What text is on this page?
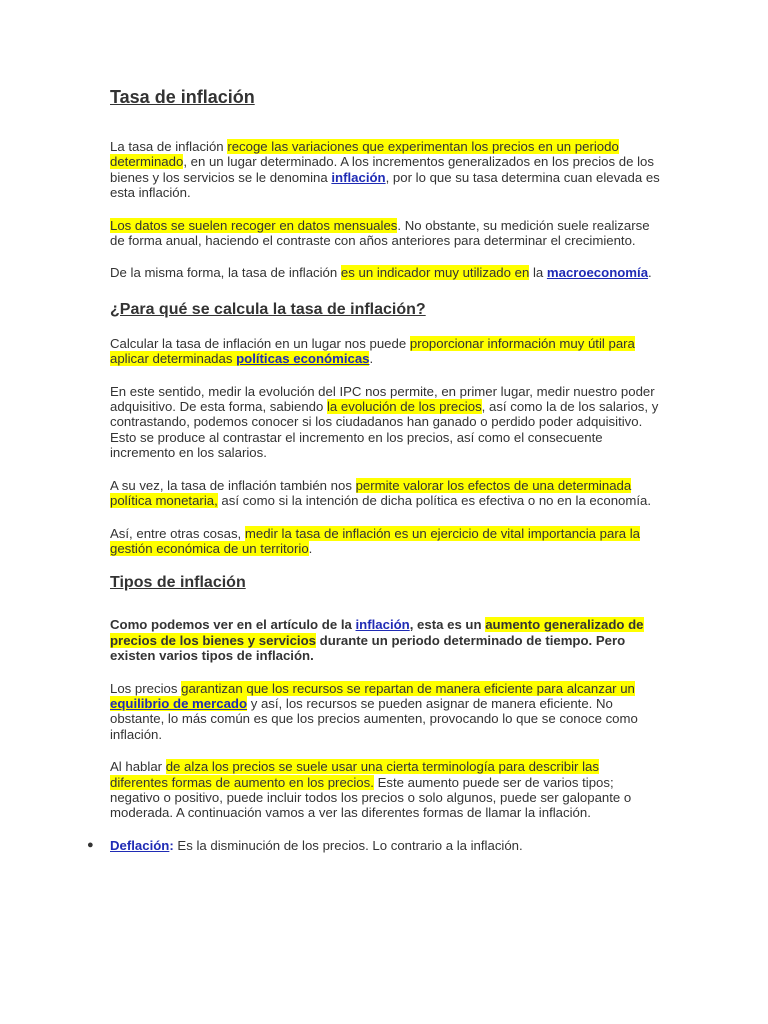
Tasa de inflación

La tasa de inflación recoge las variaciones que experimentan los precios en un periodo determinado, en un lugar determinado. A los incrementos generalizados en los precios de los bienes y los servicios se le denomina inflación, por lo que su tasa determina cuan elevada es esta inflación.

Los datos se suelen recoger en datos mensuales. No obstante, su medición suele realizarse de forma anual, haciendo el contraste con años anteriores para determinar el crecimiento.

De la misma forma, la tasa de inflación es un indicador muy utilizado en la macroeconomía.

¿Para qué se calcula la tasa de inflación?

Calcular la tasa de inflación en un lugar nos puede proporcionar información muy útil para aplicar determinadas políticas económicas.

En este sentido, medir la evolución del IPC nos permite, en primer lugar, medir nuestro poder adquisitivo. De esta forma, sabiendo la evolución de los precios, así como la de los salarios, y contrastando, podemos conocer si los ciudadanos han ganado o perdido poder adquisitivo. Esto se produce al contrastar el incremento en los precios, así como el consecuente incremento en los salarios.

A su vez, la tasa de inflación también nos permite valorar los efectos de una determinada política monetaria, así como si la intención de dicha política es efectiva o no en la economía.

Así, entre otras cosas, medir la tasa de inflación es un ejercicio de vital importancia para la gestión económica de un territorio.

Tipos de inflación

Como podemos ver en el artículo de la inflación, esta es un aumento generalizado de precios de los bienes y servicios durante un periodo determinado de tiempo. Pero existen varios tipos de inflación.

Los precios garantizan que los recursos se repartan de manera eficiente para alcanzar un equilibrio de mercado y así, los recursos se pueden asignar de manera eficiente. No obstante, lo más común es que los precios aumenten, provocando lo que se conoce como inflación.

Al hablar de alza los precios se suele usar una cierta terminología para describir las diferentes formas de aumento en los precios. Este aumento puede ser de varios tipos; negativo o positivo, puede incluir todos los precios o solo algunos, puede ser galopante o moderada. A continuación vamos a ver las diferentes formas de llamar la inflación.

● Deflación: Es la disminución de los precios. Lo contrario a la inflación.
